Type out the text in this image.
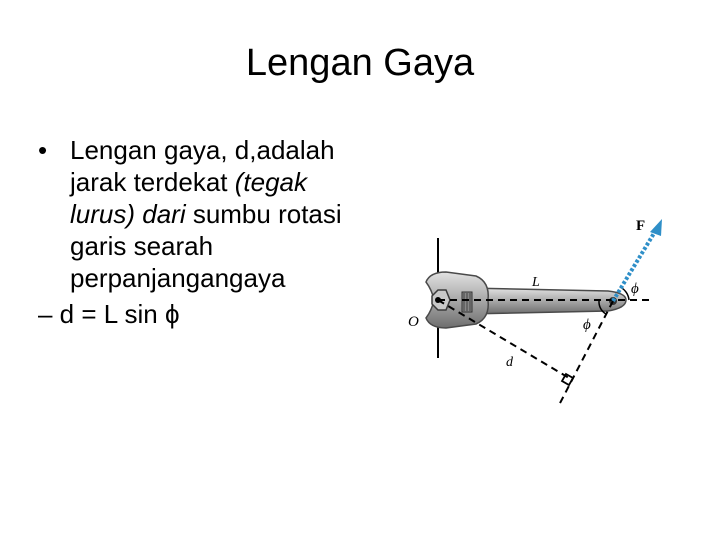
Lengan Gaya
• Lengan gaya, d,adalah
jarak terdekat (tegak
lurus) dari sumbu rotasi
garis searah
perpanjangangaya
– d = L sin ϕ
F
L
O
d
ϕ
ϕ
